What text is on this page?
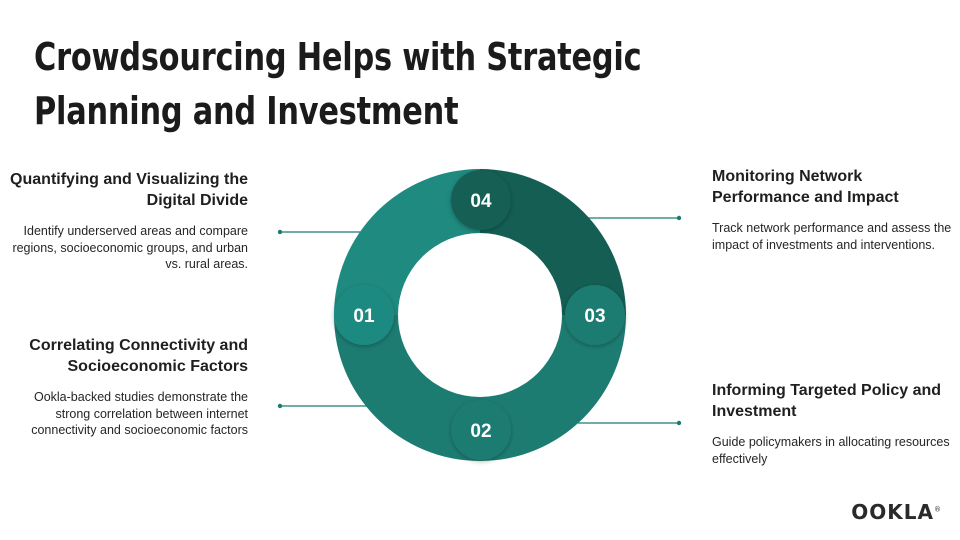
Crowdsourcing Helps with Strategic Planning and Investment
Quantifying and Visualizing the Digital Divide

Identify underserved areas and compare regions, socioeconomic groups, and urban vs. rural areas.

Correlating Connectivity and Socioeconomic Factors

Ookla-backed studies demonstrate the strong correlation between internet connectivity and socioeconomic factors

Monitoring Network Performance and Impact

Track network performance and assess the impact of investments and interventions.

Informing Targeted Policy and Investment

Guide policymakers in allocating resources effectively

01
02
03
04
OOKLA®
